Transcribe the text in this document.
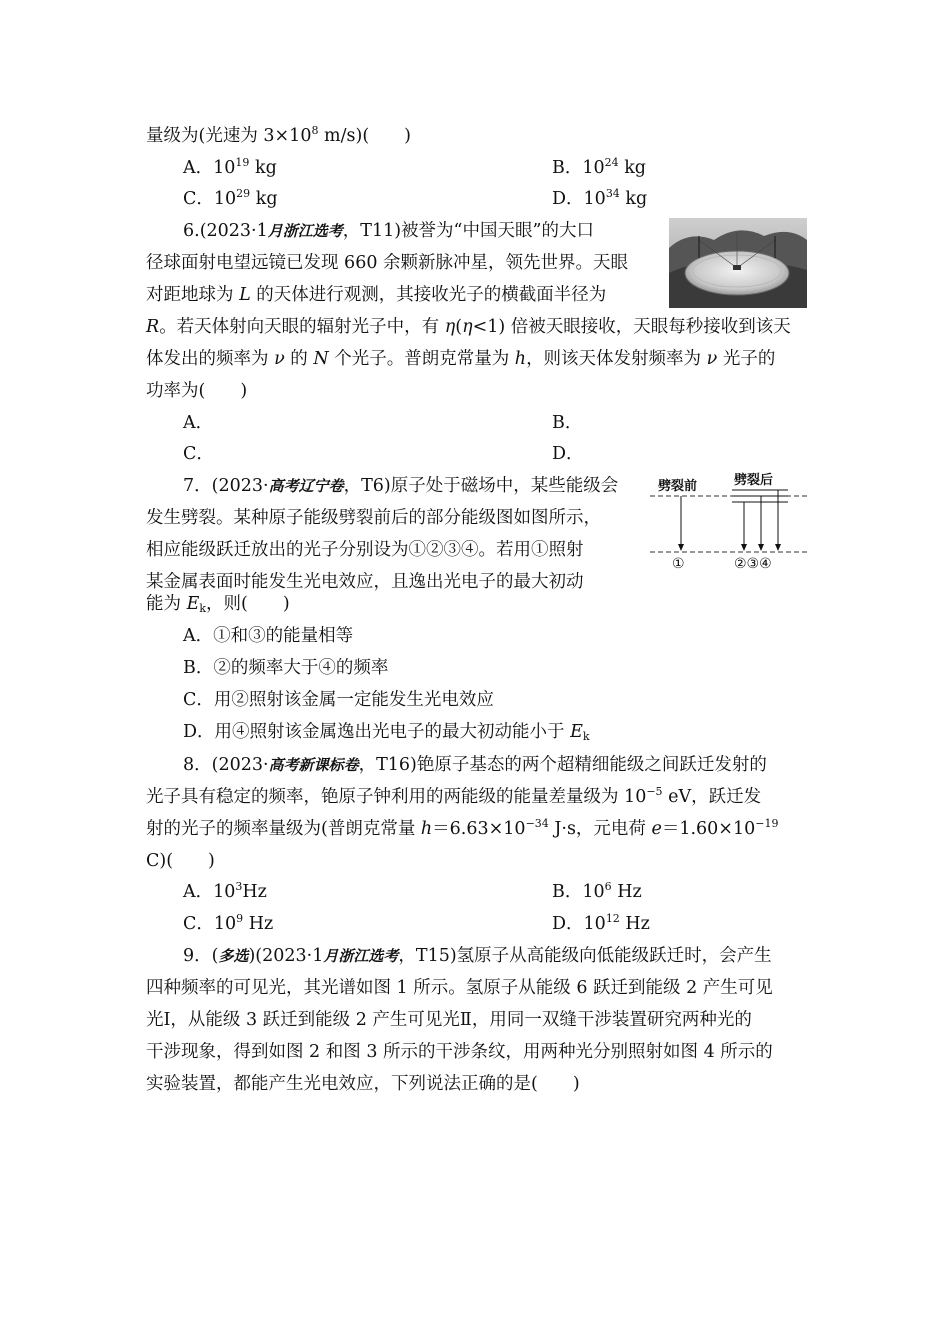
量级为(光速为 $3\times 10^8$ m/s)(　　)
A．$10^{19}$ kg	B．$10^{24}$ kg
C．$10^{29}$ kg	D．$10^{34}$ kg
6.(2023·1月浙江选考，T11)被誉为“中国天眼”的大口
径球面射电望远镜已发现 660 余颗新脉冲星，领先世界。天眼
对距地球为 L 的天体进行观测，其接收光子的横截面半径为
R。若天体射向天眼的辐射光子中，有 η(η<1) 倍被天眼接收，天眼每秒接收到该天
体发出的频率为 ν 的 N 个光子。普朗克常量为 h，则该天体发射频率为 ν 光子的
功率为(　　)
A．	B．
C．	D．
7．(2023·高考辽宁卷，T6)原子处于磁场中，某些能级会
发生劈裂。某种原子能级劈裂前后的部分能级图如图所示，
相应能级跃迁放出的光子分别设为①②③④。若用①照射
某金属表面时能发生光电效应，且逸出光电子的最大初动
能为 $E_k$，则(　　)
A．①和③的能量相等
B．②的频率大于④的频率
C．用②照射该金属一定能发生光电效应
D．用④照射该金属逸出光电子的最大初动能小于 $E_k$
劈裂前	劈裂后
①	②③④
8．(2023·高考新课标卷，T16)铯原子基态的两个超精细能级之间跃迁发射的
光子具有稳定的频率，铯原子钟利用的两能级的能量差量级为 $10^{-5}$ eV，跃迁发
射的光子的频率量级为(普朗克常量 $h=6.63\times 10^{-34}$ J·s，元电荷 $e=1.60\times 10^{-19}$
C)(　　)
A．$10^3Hz$	B．$10^6$ Hz
C．$10^9$ Hz	D．$10^{12}$ Hz
9．(多选)(2023·1月浙江选考，T15)氢原子从高能级向低能级跃迁时，会产生
四种频率的可见光，其光谱如图 1 所示。氢原子从能级 6 跃迁到能级 2 产生可见
光Ⅰ，从能级 3 跃迁到能级 2 产生可见光Ⅱ，用同一双缝干涉装置研究两种光的
干涉现象，得到如图 2 和图 3 所示的干涉条纹，用两种光分别照射如图 4 所示的
实验装置，都能产生光电效应，下列说法正确的是(　　)
